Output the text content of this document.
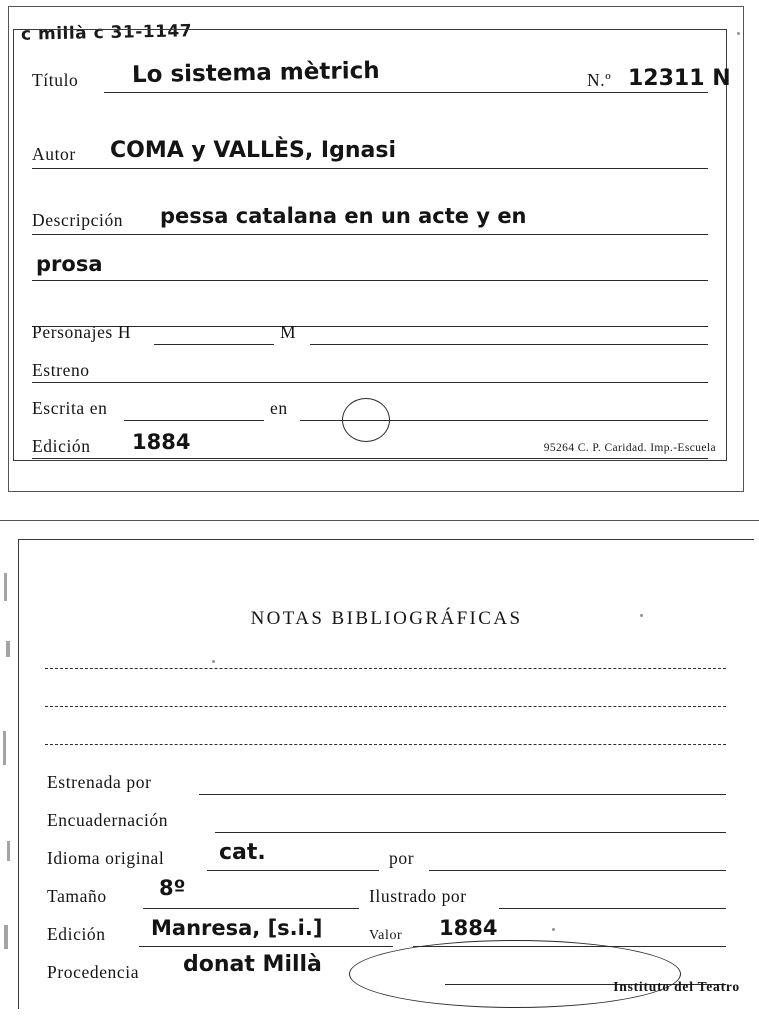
c millà c 31-1147
Título Lo sistema mètrich	N.º 12311 N
Autor COMA y VALLÈS, Ignasi
Descripción pessa catalana en un acte y en
prosa
Personajes H	M
Estreno
Escrita en	en
Edición 1884	95264 C. P. Caridad. Imp.-Escuela
NOTAS BIBLIOGRÁFICAS
Estrenada por
Encuadernación
Idioma original cat.	por
Tamaño 8º	Ilustrado por
Edición Manresa, [s.i.]	Valor 1884
Procedencia donat Millà
Instituto del Teatro
